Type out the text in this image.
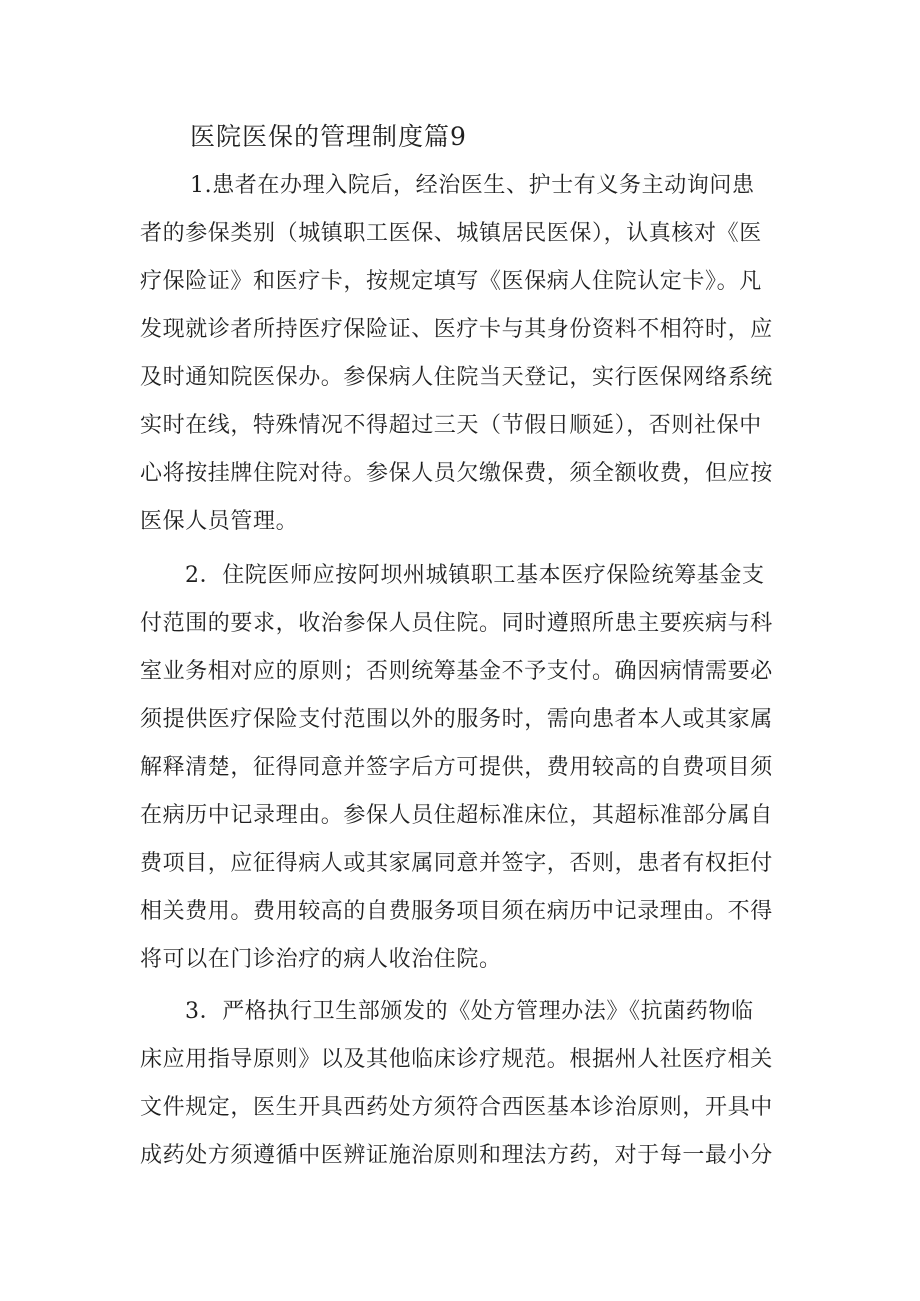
医院医保的管理制度篇9
1.患者在办理入院后，经治医生、护士有义务主动询问患
者的参保类别（城镇职工医保、城镇居民医保），认真核对《医
疗保险证》和医疗卡，按规定填写《医保病人住院认定卡》。凡
发现就诊者所持医疗保险证、医疗卡与其身份资料不相符时，应
及时通知院医保办。参保病人住院当天登记，实行医保网络系统
实时在线，特殊情况不得超过三天（节假日顺延），否则社保中
心将按挂牌住院对待。参保人员欠缴保费，须全额收费，但应按
医保人员管理。
2．住院医师应按阿坝州城镇职工基本医疗保险统筹基金支
付范围的要求，收治参保人员住院。同时遵照所患主要疾病与科
室业务相对应的原则；否则统筹基金不予支付。确因病情需要必
须提供医疗保险支付范围以外的服务时，需向患者本人或其家属
解释清楚，征得同意并签字后方可提供，费用较高的自费项目须
在病历中记录理由。参保人员住超标准床位，其超标准部分属自
费项目，应征得病人或其家属同意并签字，否则，患者有权拒付
相关费用。费用较高的自费服务项目须在病历中记录理由。不得
将可以在门诊治疗的病人收治住院。
3．严格执行卫生部颁发的《处方管理办法》《抗菌药物临
床应用指导原则》以及其他临床诊疗规范。根据州人社医疗相关
文件规定，医生开具西药处方须符合西医基本诊治原则，开具中
成药处方须遵循中医辨证施治原则和理法方药，对于每一最小分
